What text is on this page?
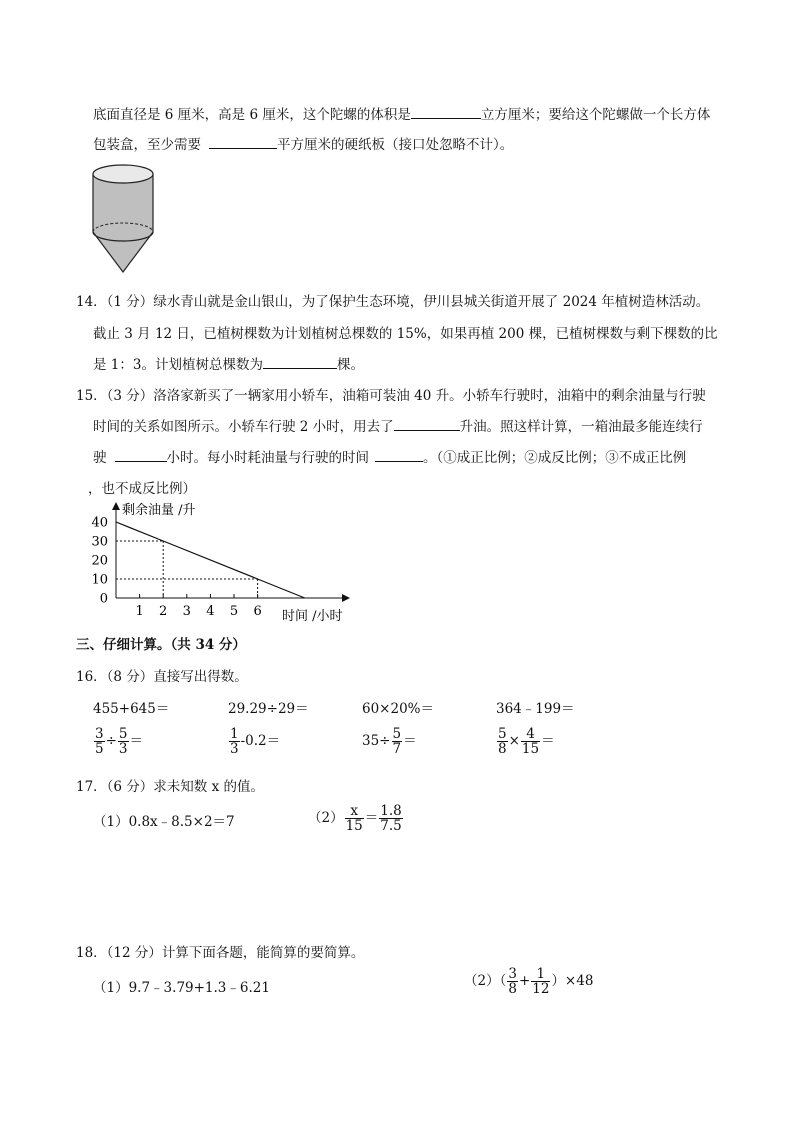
底面直径是 6 厘米，高是 6 厘米，这个陀螺的体积是	立方厘米；要给这个陀螺做一个长方体
包装盒，至少需要	平方厘米的硬纸板（接口处忽略不计）。
14．（1 分）绿水青山就是金山银山，为了保护生态环境，伊川县城关街道开展了 2024 年植树造林活动。
截止 3 月 12 日，已植树棵数为计划植树总棵数的 15%，如果再植 200 棵，已植树棵数与剩下棵数的比
是 1：3。计划植树总棵数为	棵。
15．（3 分）洛洛家新买了一辆家用小轿车，油箱可装油 40 升。小轿车行驶时，油箱中的剩余油量与行驶
时间的关系如图所示。小轿车行驶 2 小时，用去了	升油。照这样计算，一箱油最多能连续行
驶	小时。每小时耗油量与行驶的时间	。（①成正比例；②成反比例；③不成正比例
，也不成反比例）
剩余油量 /升
时间 /小时
0
10
20
30
40
1 2 3 4 5 6
三、仔细计算。（共 34 分）
16．（8 分）直接写出得数。
455+645＝	29.29÷29＝	60×20%＝	364﹣199＝
$\frac{3}{5} \div \frac{5}{3}$ ＝	$\frac{1}{3} -0.2=$	$35\div \frac{5}{7}$ ＝	$\frac{5}{8} \times \frac{4}{15}$ ＝
17．（6 分）求未知数 x 的值。
（1）0.8x﹣8.5×2＝7	$(2) \frac{x}{15} = \frac{1.8}{7.5}$
18．（12 分）计算下面各题，能简算的要简算。
（1）9.7﹣3.79+1.3﹣6.21	$(2)( \frac{3}{8} + \frac{1}{12} )\times 48$
